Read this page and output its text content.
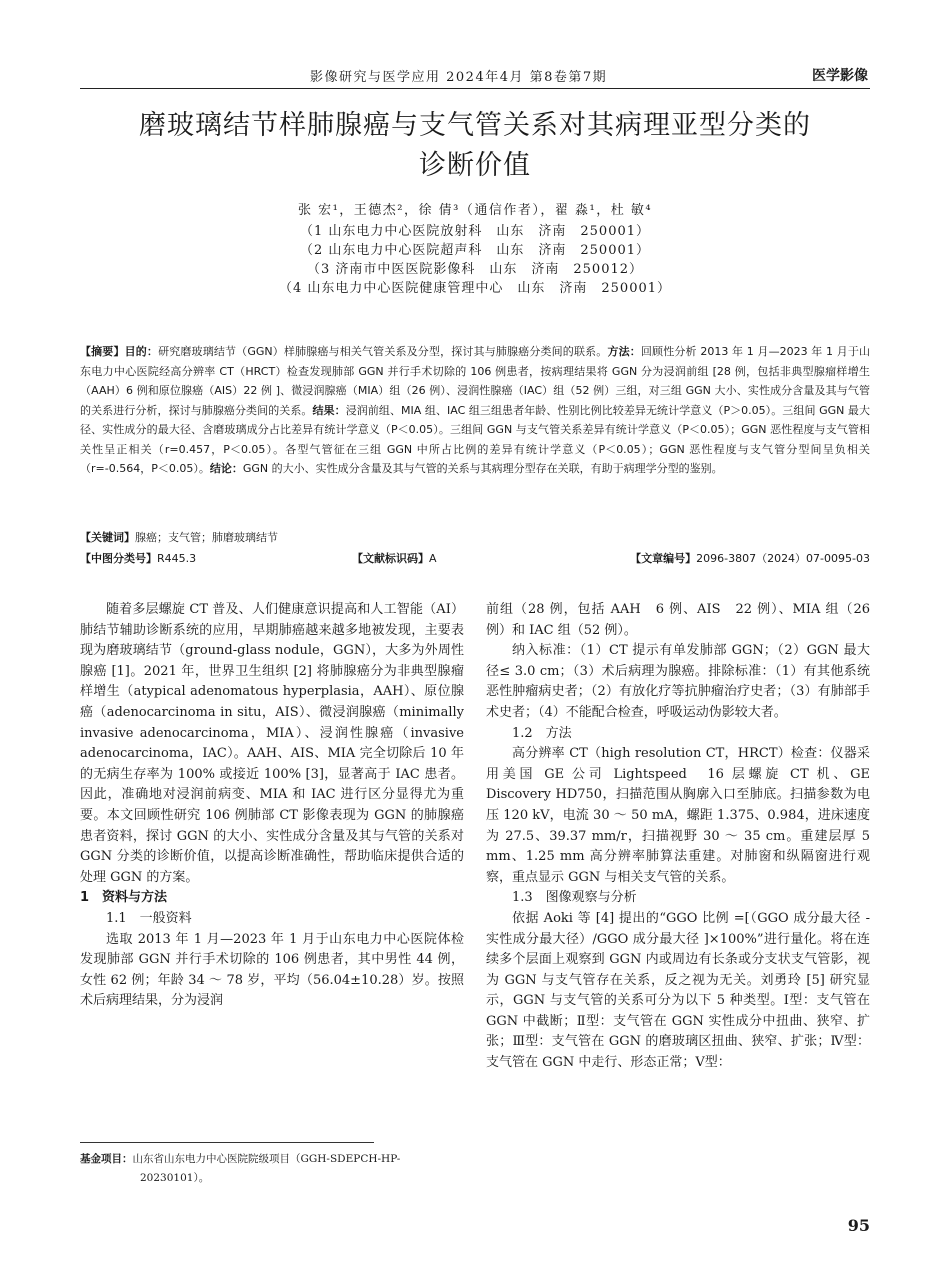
影像研究与医学应用 2024年4月 第8卷第7期	医学影像
磨玻璃结节样肺腺癌与支气管关系对其病理亚型分类的
诊断价值
张 宏¹，王德杰²，徐 倩³（通信作者），翟 淼¹，杜 敏⁴
（1 山东电力中心医院放射科　山东　济南　250001）
（2 山东电力中心医院超声科　山东　济南　250001）
（3 济南市中医医院影像科　山东　济南　250012）
（4 山东电力中心医院健康管理中心　山东　济南　250001）
【摘要】目的：研究磨玻璃结节（GGN）样肺腺癌与相关气管关系及分型，探讨其与肺腺癌分类间的联系。方法：回顾性分析 2013 年 1 月—2023 年 1 月于山东电力中心医院经高分辨率 CT（HRCT）检查发现肺部 GGN 并行手术切除的 106 例患者，按病理结果将 GGN 分为浸润前组 [28 例，包括非典型腺瘤样增生（AAH）6 例和原位腺癌（AIS）22 例 ]、微浸润腺癌（MIA）组（26 例）、浸润性腺癌（IAC）组（52 例）三组，对三组 GGN 大小、实性成分含量及其与气管的关系进行分析，探讨与肺腺癌分类间的关系。结果：浸润前组、MIA 组、IAC 组三组患者年龄、性别比例比较差异无统计学意义（P＞0.05）。三组间 GGN 最大径、实性成分的最大径、含磨玻璃成分占比差异有统计学意义（P＜0.05）。三组间 GGN 与支气管关系差异有统计学意义（P＜0.05）；GGN 恶性程度与支气管相关性呈正相关（r=0.457，P＜0.05）。各型气管征在三组 GGN 中所占比例的差异有统计学意义（P＜0.05）；GGN 恶性程度与支气管分型间呈负相关（r=-0.564，P＜0.05）。结论：GGN 的大小、实性成分含量及其与气管的关系与其病理分型存在关联，有助于病理学分型的鉴别。
【关键词】腺癌；支气管；肺磨玻璃结节
【中图分类号】R445.3	【文献标识码】A	【文章编号】2096-3807（2024）07-0095-03

随着多层螺旋 CT 普及、人们健康意识提高和人工智能（AI）肺结节辅助诊断系统的应用，早期肺癌越来越多地被发现，主要表现为磨玻璃结节（ground-glass nodule，GGN），大多为外周性腺癌 [1]。2021 年，世界卫生组织 [2] 将肺腺癌分为非典型腺瘤样增生（atypical adenomatous hyperplasia，AAH）、原位腺癌（adenocarcinoma in situ，AIS）、微浸润腺癌（minimally invasive adenocarcinoma，MIA）、浸润性腺癌（invasive adenocarcinoma，IAC）。AAH、AIS、MIA 完全切除后 10 年的无病生存率为 100% 或接近 100% [3]，显著高于 IAC 患者。因此，准确地对浸润前病变、MIA 和 IAC 进行区分显得尤为重要。本文回顾性研究 106 例肺部 CT 影像表现为 GGN 的肺腺癌患者资料，探讨 GGN 的大小、实性成分含量及其与气管的关系对 GGN 分类的诊断价值，以提高诊断准确性，帮助临床提供合适的处理 GGN 的方案。

1　资料与方法

1.1　一般资料

选取 2013 年 1 月—2023 年 1 月于山东电力中心医院体检发现肺部 GGN 并行手术切除的 106 例患者，其中男性 44 例，女性 62 例；年龄 34 ～ 78 岁，平均（56.04±10.28）岁。按照术后病理结果，分为浸润

前组（28 例，包括 AAH　6 例、AIS　22 例）、MIA 组（26 例）和 IAC 组（52 例）。

纳入标准：（1）CT 提示有单发肺部 GGN；（2）GGN 最大径≤ 3.0 cm；（3）术后病理为腺癌。排除标准：（1）有其他系统恶性肿瘤病史者；（2）有放化疗等抗肿瘤治疗史者；（3）有肺部手术史者；（4）不能配合检查，呼吸运动伪影较大者。

1.2　方法

高分辨率 CT（high resolution CT，HRCT）检查：仪器采用美国 GE 公司 Lightspeed　16 层螺旋 CT 机、GE Discovery HD750，扫描范围从胸廓入口至肺底。扫描参数为电压 120 kV，电流 30 ～ 50 mA，螺距 1.375、0.984，进床速度为 27.5、39.37 mm/r，扫描视野 30 ～ 35 cm。重建层厚 5 mm、1.25 mm 高分辨率肺算法重建。对肺窗和纵隔窗进行观察，重点显示 GGN 与相关支气管的关系。

1.3　图像观察与分析

依据 Aoki 等 [4] 提出的“GGO 比例 =[（GGO 成分最大径 - 实性成分最大径）/GGO 成分最大径 ]×100%”进行量化。将在连续多个层面上观察到 GGN 内或周边有长条或分支状支气管影，视为 GGN 与支气管存在关系，反之视为无关。刘勇玲 [5] 研究显示，GGN 与支气管的关系可分为以下 5 种类型。Ⅰ型：支气管在 GGN 中截断；Ⅱ型：支气管在 GGN 实性成分中扭曲、狭窄、扩张；Ⅲ型：支气管在 GGN 的磨玻璃区扭曲、狭窄、扩张；Ⅳ型：支气管在 GGN 中走行、形态正常；Ⅴ型：

基金项目：山东省山东电力中心医院院级项目（GGH-SDEPCH-HP-
20230101）。
95
